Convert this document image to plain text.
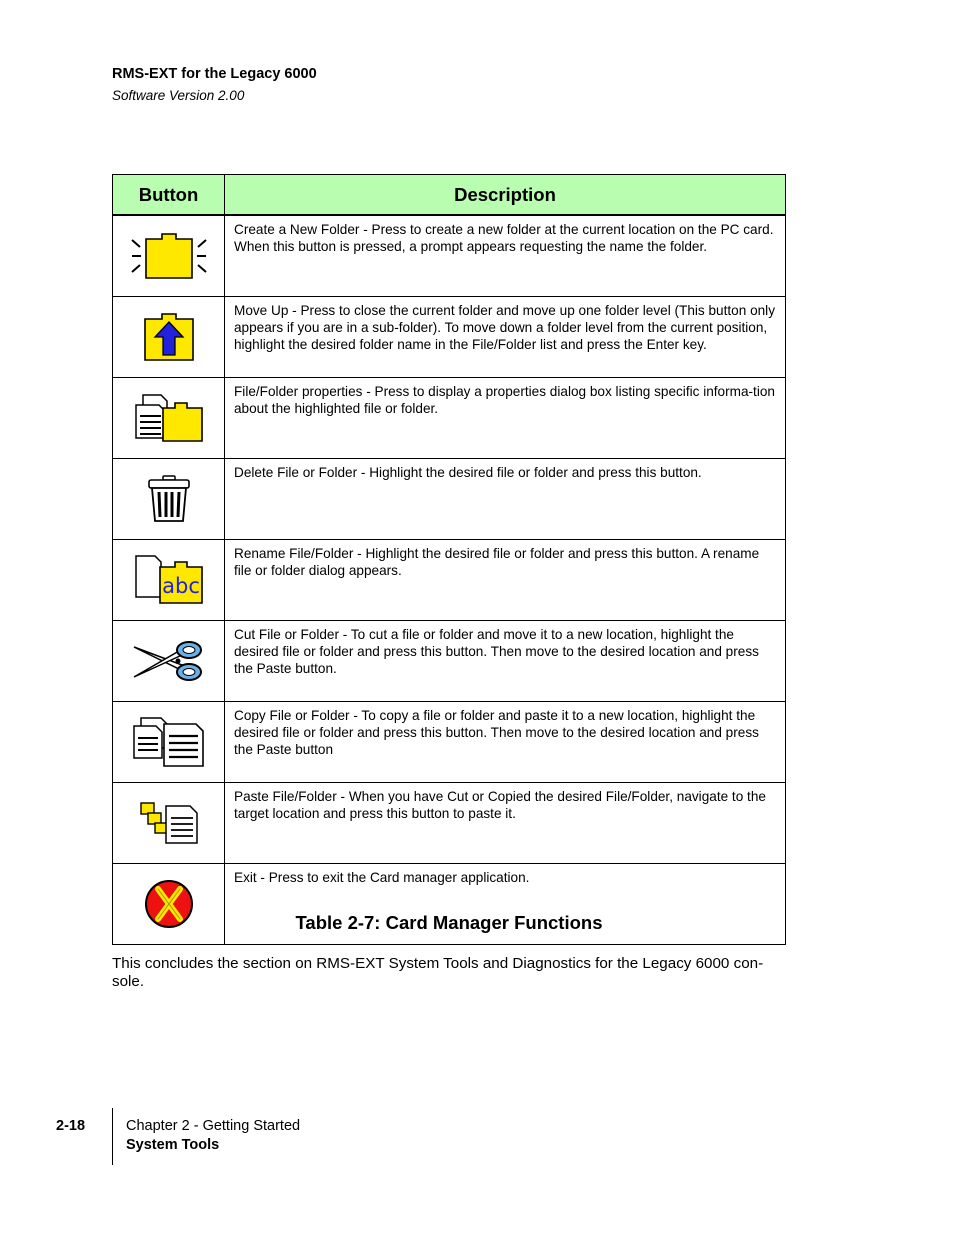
RMS-EXT for the Legacy 6000
Software Version 2.00
Button	Description

	Create a New Folder - Press to create a new folder at the current location on the PC card. When this button is pressed, a prompt appears requesting the name the folder.

	Move Up - Press to close the current folder and move up one folder level (This button only appears if you are in a sub-folder). To move down a folder level from the current position, highlight the desired folder name in the File/Folder list and press the Enter key.

	File/Folder properties - Press to display a properties dialog box listing specific informa-tion about the highlighted file or folder.

	Delete File or Folder - Highlight the desired file or folder and press this button.

abc	Rename File/Folder - Highlight the desired file or folder and press this button. A rename file or folder dialog appears.

	Cut File or Folder - To cut a file or folder and move it to a new location, highlight the desired file or folder and press this button. Then move to the desired location and press the Paste button.

	Copy File or Folder - To copy a file or folder and paste it to a new location, highlight the desired file or folder and press this button. Then move to the desired location and press the Paste button

	Paste File/Folder - When you have Cut or Copied the desired File/Folder, navigate to the target location and press this button to paste it.

	Exit - Press to exit the Card manager application.
Table 2-7: Card Manager Functions
This concludes the section on RMS-EXT System Tools and Diagnostics for the Legacy 6000 con-sole.
2-18	Chapter 2 - Getting Started
System Tools
